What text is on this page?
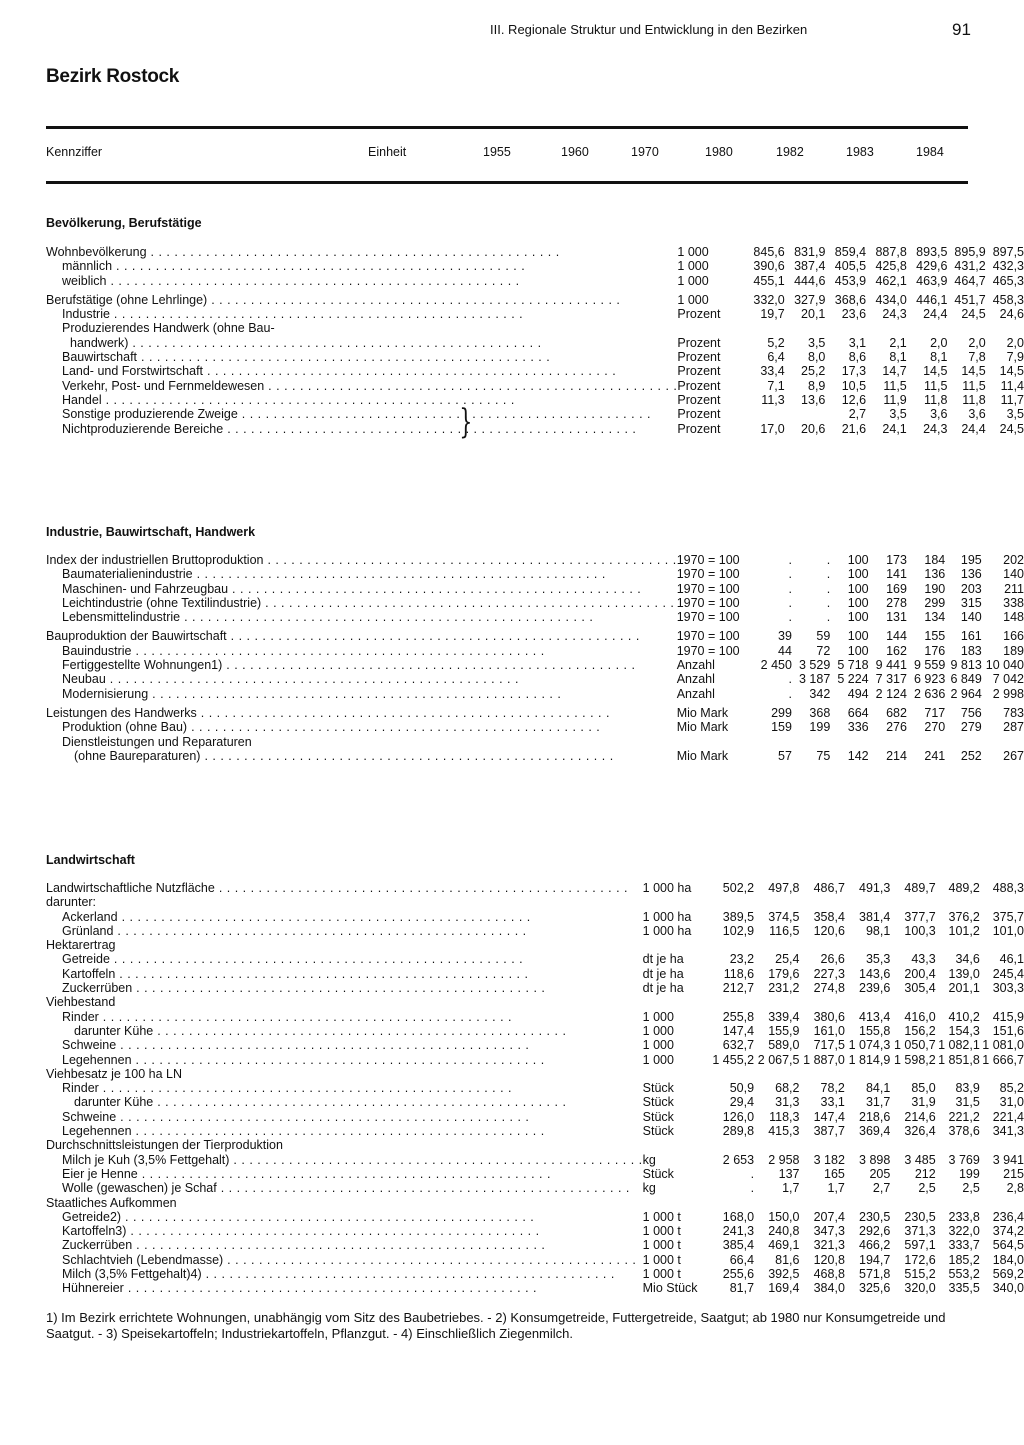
III. Regionale Struktur und Entwicklung in den Bezirken	91
Bezirk Rostock
Kennziffer	Einheit	1955	1960	1970	1980	1982	1983	1984
Bevölkerung, Berufstätige
Wohnbevölkerung . . .	1 000	845,6	831,9	859,4	887,8	893,5	895,9	897,5
männlich . . .	1 000	390,6	387,4	405,5	425,8	429,6	431,2	432,3
weiblich . . .	1 000	455,1	444,6	453,9	462,1	463,9	464,7	465,3
Berufstätige (ohne Lehrlinge) . . .	1 000	332,0	327,9	368,6	434,0	446,1	451,7	458,3
Industrie . . .	Prozent	19,7	20,1	23,6	24,3	24,4	24,5	24,6
Produzierendes Handwerk (ohne Bau-								
handwerk) . . .	Prozent	5,2	3,5	3,1	2,1	2,0	2,0	2,0
Bauwirtschaft . . .	Prozent	6,4	8,0	8,6	8,1	8,1	7,8	7,9
Land- und Forstwirtschaft . . .	Prozent	33,4	25,2	17,3	14,7	14,5	14,5	14,5
Verkehr, Post- und Fernmeldewesen . . .	Prozent	7,1	8,9	10,5	11,5	11,5	11,5	11,4
Handel . . .	Prozent	11,3	13,6	12,6	11,9	11,8	11,8	11,7
Sonstige produzierende Zweige . . .	Prozent			2,7	3,5	3,6	3,6	3,5
Nichtproduzierende Bereiche . . .	Prozent	17,0	20,6	21,6	24,1	24,3	24,4	24,5
}
Industrie, Bauwirtschaft, Handwerk
Index der industriellen Bruttoproduktion . . .	1970 = 100	.	.	100	173	184	195	202
Baumaterialienindustrie . . .	1970 = 100	.	.	100	141	136	136	140
Maschinen- und Fahrzeugbau . . .	1970 = 100	.	.	100	169	190	203	211
Leichtindustrie (ohne Textilindustrie) . . .	1970 = 100	.	.	100	278	299	315	338
Lebensmittelindustrie . . .	1970 = 100	.	.	100	131	134	140	148
Bauproduktion der Bauwirtschaft . . .	1970 = 100	39	59	100	144	155	161	166
Bauindustrie . . .	1970 = 100	44	72	100	162	176	183	189
Fertiggestellte Wohnungen1) . . .	Anzahl	2 450	3 529	5 718	9 441	9 559	9 813	10 040
Neubau . . .	Anzahl	.	3 187	5 224	7 317	6 923	6 849	7 042
Modernisierung . . .	Anzahl	.	342	494	2 124	2 636	2 964	2 998
Leistungen des Handwerks . . .	Mio Mark	299	368	664	682	717	756	783
Produktion (ohne Bau) . . .	Mio Mark	159	199	336	276	270	279	287
Dienstleistungen und Reparaturen								
(ohne Baureparaturen) . . .	Mio Mark	57	75	142	214	241	252	267
Landwirtschaft
Landwirtschaftliche Nutzfläche . . .	1 000 ha	502,2	497,8	486,7	491,3	489,7	489,2	488,3
darunter:								
Ackerland . . .	1 000 ha	389,5	374,5	358,4	381,4	377,7	376,2	375,7
Grünland . . .	1 000 ha	102,9	116,5	120,6	98,1	100,3	101,2	101,0
Hektarertrag								
Getreide . . .	dt je ha	23,2	25,4	26,6	35,3	43,3	34,6	46,1
Kartoffeln . . .	dt je ha	118,6	179,6	227,3	143,6	200,4	139,0	245,4
Zuckerrüben . . .	dt je ha	212,7	231,2	274,8	239,6	305,4	201,1	303,3
Viehbestand								
Rinder . . .	1 000	255,8	339,4	380,6	413,4	416,0	410,2	415,9
darunter Kühe . . .	1 000	147,4	155,9	161,0	155,8	156,2	154,3	151,6
Schweine . . .	1 000	632,7	589,0	717,5	1 074,3	1 050,7	1 082,1	1 081,0
Legehennen . . .	1 000	1 455,2	2 067,5	1 887,0	1 814,9	1 598,2	1 851,8	1 666,7
Viehbesatz je 100 ha LN								
Rinder . . .	Stück	50,9	68,2	78,2	84,1	85,0	83,9	85,2
darunter Kühe . . .	Stück	29,4	31,3	33,1	31,7	31,9	31,5	31,0
Schweine . . .	Stück	126,0	118,3	147,4	218,6	214,6	221,2	221,4
Legehennen . . .	Stück	289,8	415,3	387,7	369,4	326,4	378,6	341,3
Durchschnittsleistungen der Tierproduktion								
Milch je Kuh (3,5% Fettgehalt) . . .	kg	2 653	2 958	3 182	3 898	3 485	3 769	3 941
Eier je Henne . . .	Stück	.	137	165	205	212	199	215
Wolle (gewaschen) je Schaf . . .	kg	.	1,7	1,7	2,7	2,5	2,5	2,8
Staatliches Aufkommen								
Getreide2) . . .	1 000 t	168,0	150,0	207,4	230,5	230,5	233,8	236,4
Kartoffeln3) . . .	1 000 t	241,3	240,8	347,3	292,6	371,3	322,0	374,2
Zuckerrüben . . .	1 000 t	385,4	469,1	321,3	466,2	597,1	333,7	564,5
Schlachtvieh (Lebendmasse) . . .	1 000 t	66,4	81,6	120,8	194,7	172,6	185,2	184,0
Milch (3,5% Fettgehalt)4) . . .	1 000 t	255,6	392,5	468,8	571,8	515,2	553,2	569,2
Hühnereier . . .	Mio Stück	81,7	169,4	384,0	325,6	320,0	335,5	340,0
1) Im Bezirk errichtete Wohnungen, unabhängig vom Sitz des Baubetriebes. - 2) Konsumgetreide, Futtergetreide, Saatgut; ab 1980 nur Konsumgetreide und Saatgut. - 3) Speisekartoffeln; Industriekartoffeln, Pflanzgut. - 4) Einschließlich Ziegenmilch.
